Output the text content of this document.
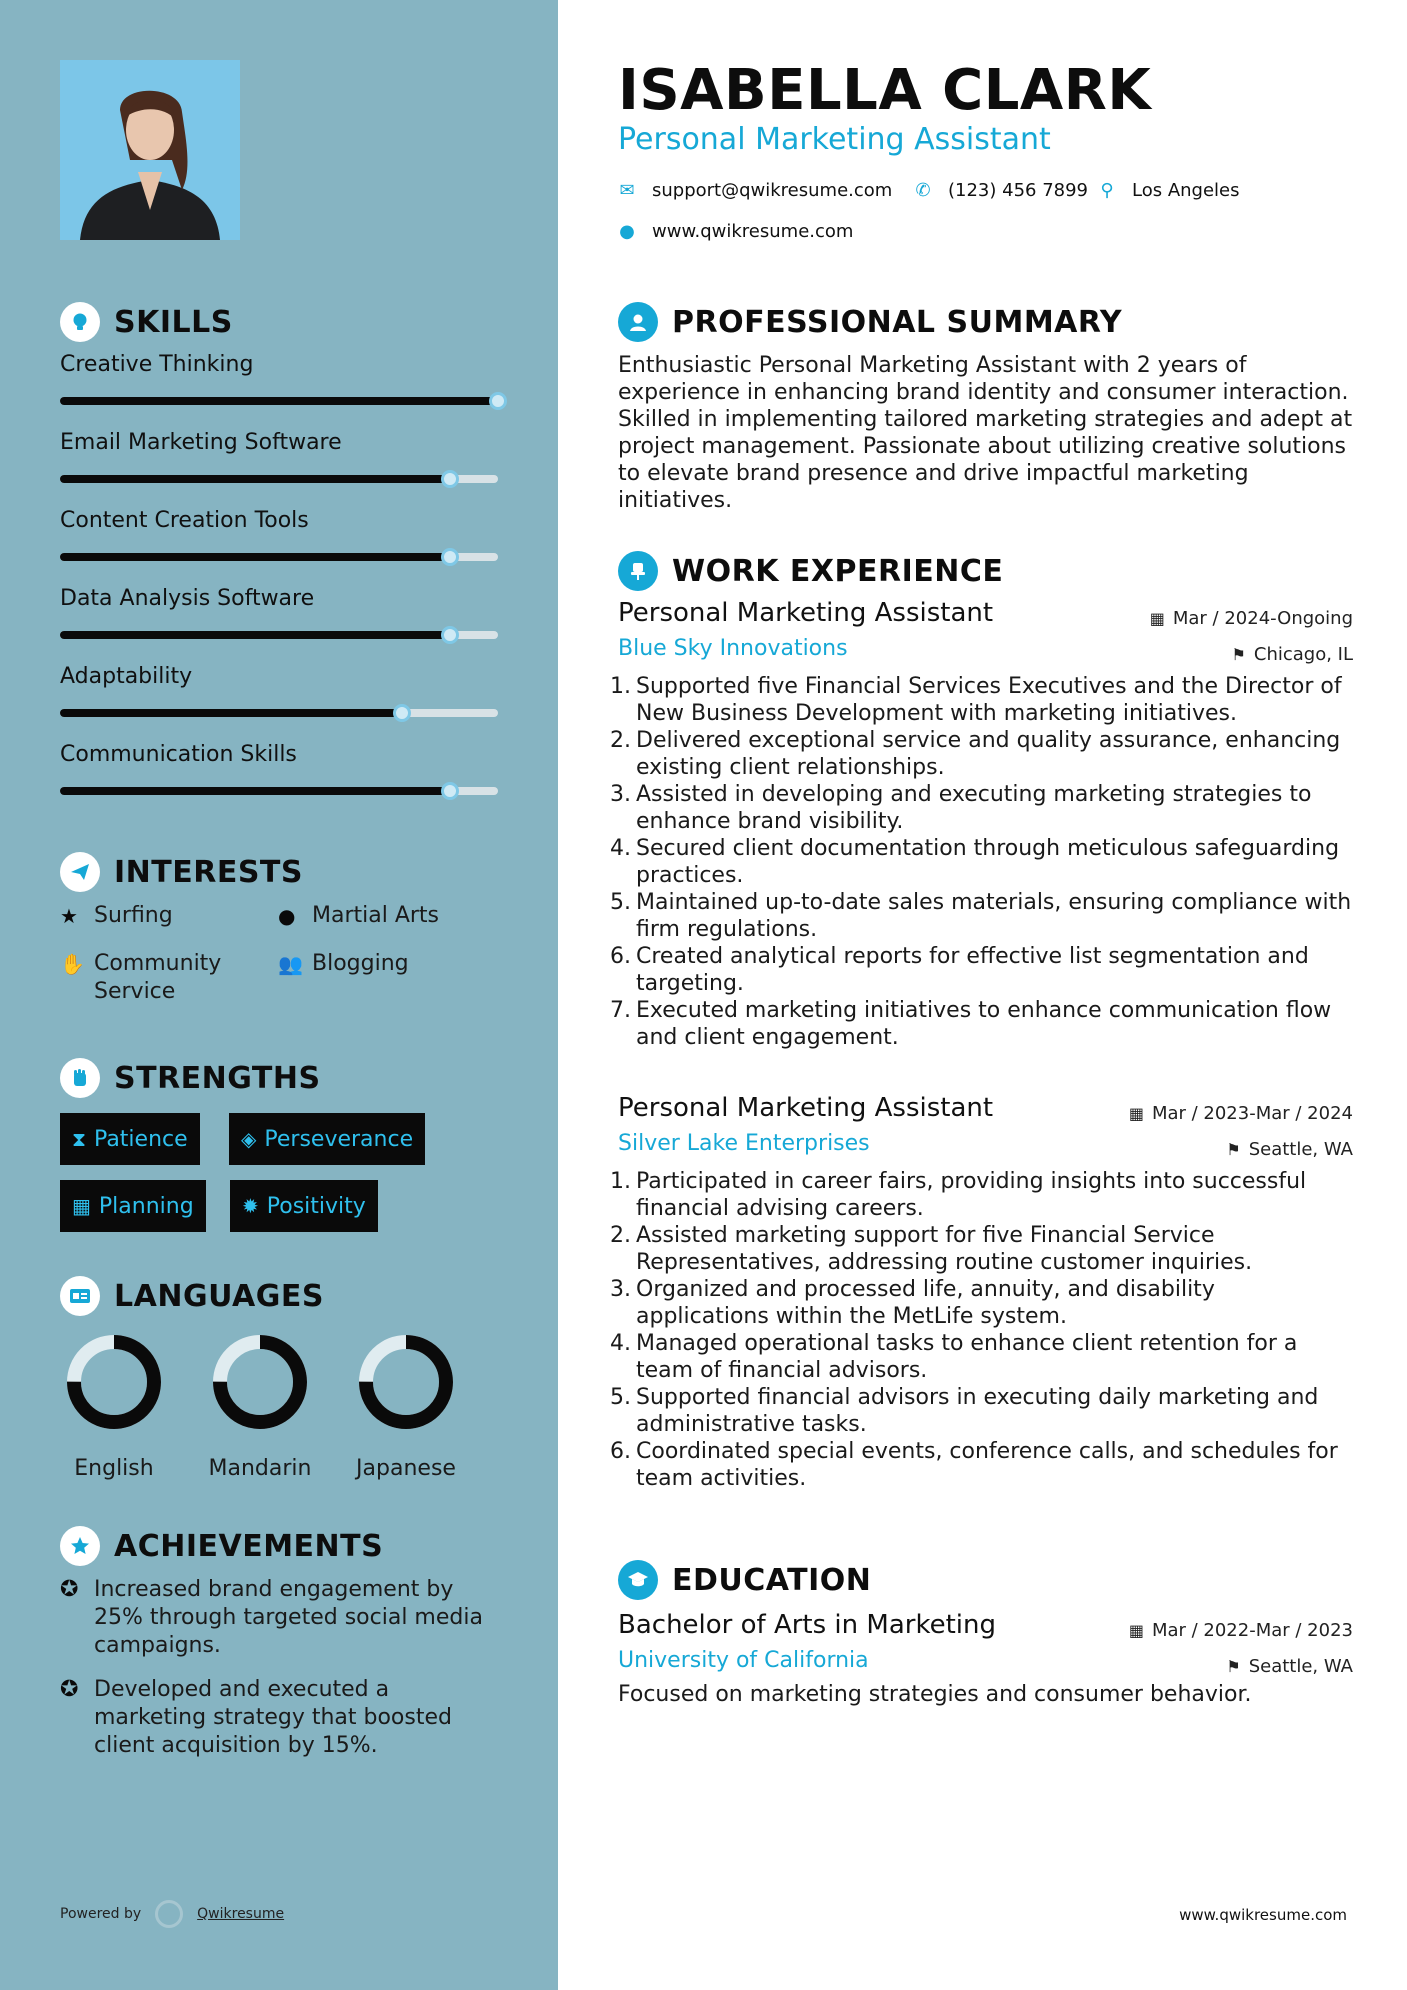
SKILLS
Creative Thinking
Email Marketing Software
Content Creation Tools
Data Analysis Software
Adaptability
Communication Skills
INTERESTS
★ Surfing	● Martial Arts
✋ Community Service
👥 Blogging
STRENGTHS
⧗ Patience	◈ Perseverance
▦ Planning ✹ Positivity
LANGUAGES
English	Mandarin	Japanese
ACHIEVEMENTS
✪ Increased brand engagement by 25% through targeted social media campaigns.
✪ Developed and executed a marketing strategy that boosted client acquisition by 15%.
Powered by	Qwikresume
ISABELLA CLARK
Personal Marketing Assistant
✉ support@qwikresume.com ✆ (123) 456 7899 ⚲ Los Angeles
● www.qwikresume.com
PROFESSIONAL SUMMARY
Enthusiastic Personal Marketing Assistant with 2 years of experience in enhancing brand identity and consumer interaction. Skilled in implementing tailored marketing strategies and adept at project management. Passionate about utilizing creative solutions to elevate brand presence and drive impactful marketing initiatives.
WORK EXPERIENCE
Personal Marketing Assistant	▦ Mar / 2024-Ongoing
Blue Sky Innovations	⚑ Chicago, IL
1. Supported five Financial Services Executives and the Director of New Business Development with marketing initiatives.
2. Delivered exceptional service and quality assurance, enhancing existing client relationships.
3. Assisted in developing and executing marketing strategies to enhance brand visibility.
4. Secured client documentation through meticulous safeguarding practices.
5. Maintained up-to-date sales materials, ensuring compliance with firm regulations.
6. Created analytical reports for effective list segmentation and targeting.
7. Executed marketing initiatives to enhance communication flow and client engagement.
Personal Marketing Assistant	▦ Mar / 2023-Mar / 2024
Silver Lake Enterprises	⚑ Seattle, WA
1. Participated in career fairs, providing insights into successful financial advising careers.
2. Assisted marketing support for five Financial Service Representatives, addressing routine customer inquiries.
3. Organized and processed life, annuity, and disability applications within the MetLife system.
4. Managed operational tasks to enhance client retention for a team of financial advisors.
5. Supported financial advisors in executing daily marketing and administrative tasks.
6. Coordinated special events, conference calls, and schedules for team activities.
EDUCATION
Bachelor of Arts in Marketing	▦ Mar / 2022-Mar / 2023
University of California	⚑ Seattle, WA
Focused on marketing strategies and consumer behavior.
www.qwikresume.com
